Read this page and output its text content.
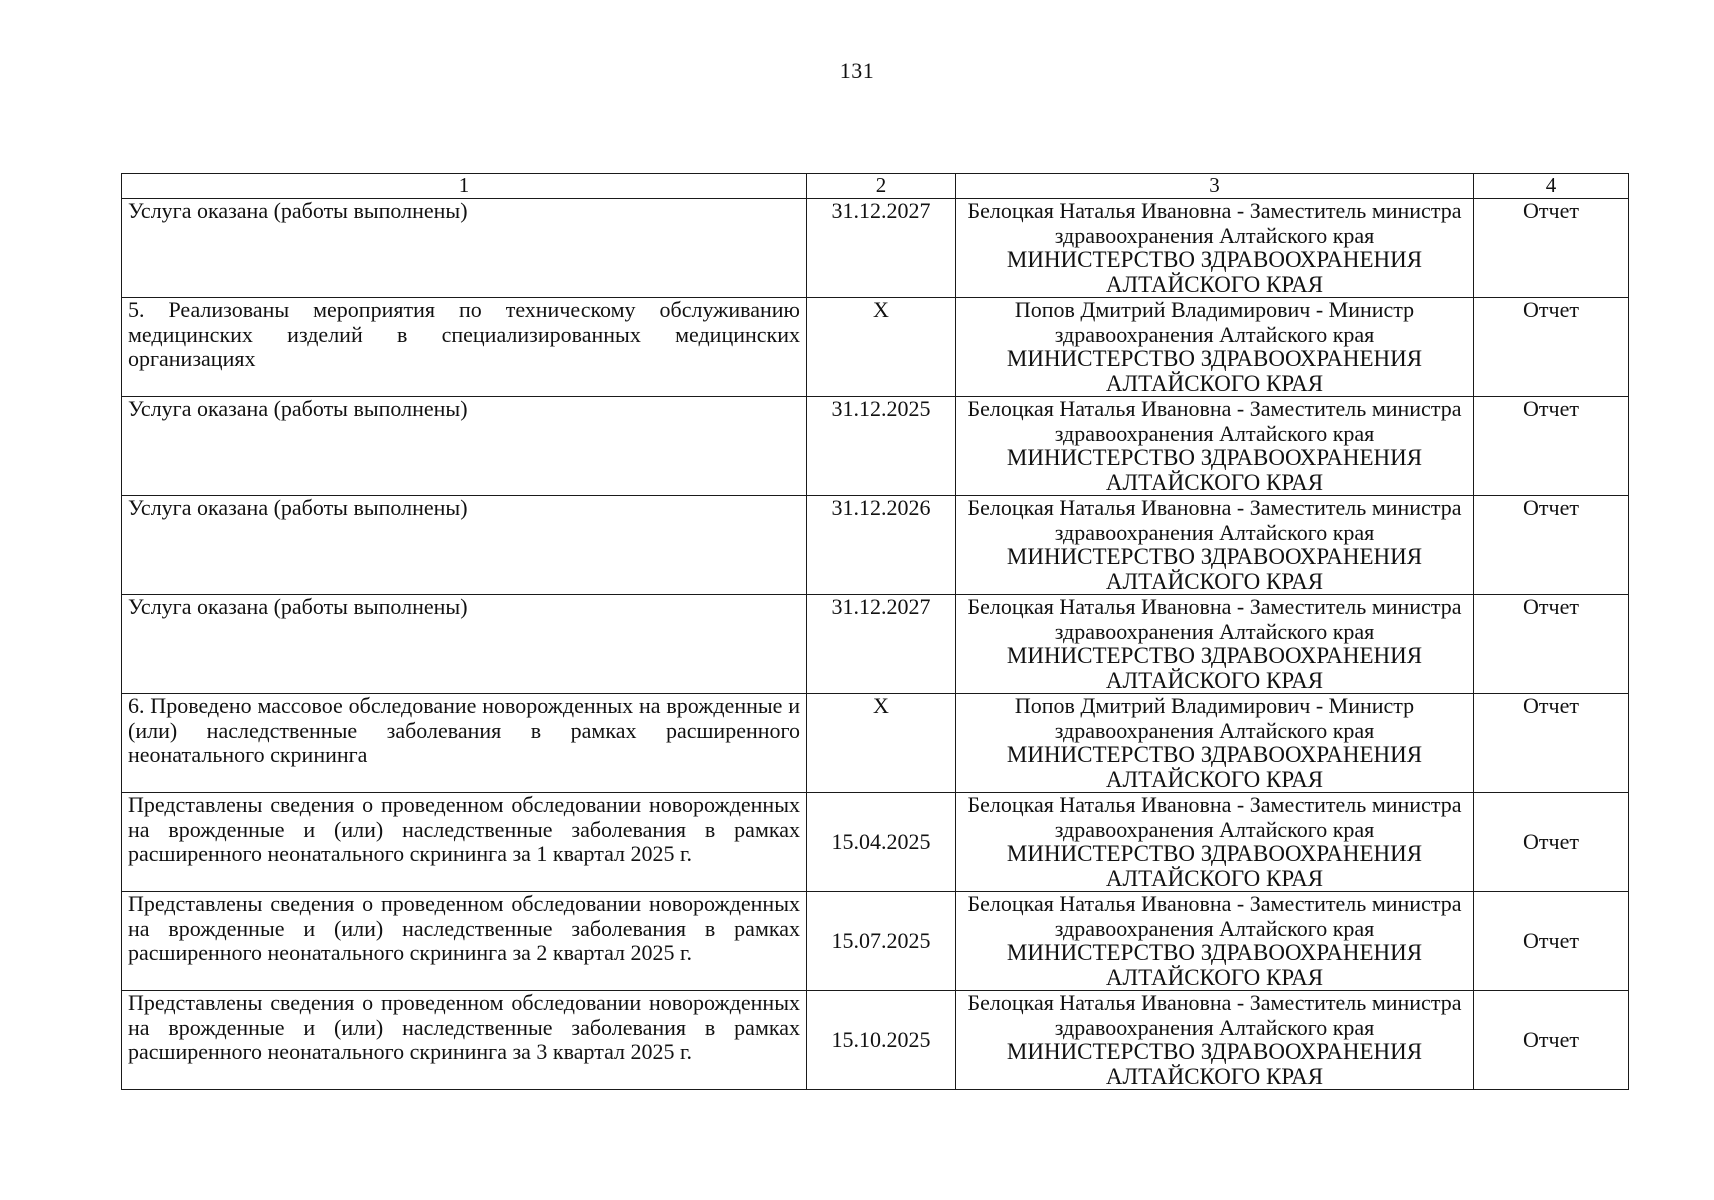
131
1	2	3	4
Услуга оказана (работы выполнены)	31.12.2027	Белоцкая Наталья Ивановна - Заместитель министра здравоохранения Алтайского края
МИНИСТЕРСТВО ЗДРАВООХРАНЕНИЯ АЛТАЙСКОГО КРАЯ	Отчет
5. Реализованы мероприятия по техническому обслуживанию медицинских изделий в специализированных медицинских организациях	X	Попов Дмитрий Владимирович - Министр здравоохранения Алтайского края
МИНИСТЕРСТВО ЗДРАВООХРАНЕНИЯ АЛТАЙСКОГО КРАЯ	Отчет
Услуга оказана (работы выполнены)	31.12.2025	Белоцкая Наталья Ивановна - Заместитель министра здравоохранения Алтайского края
МИНИСТЕРСТВО ЗДРАВООХРАНЕНИЯ АЛТАЙСКОГО КРАЯ	Отчет
Услуга оказана (работы выполнены)	31.12.2026	Белоцкая Наталья Ивановна - Заместитель министра здравоохранения Алтайского края
МИНИСТЕРСТВО ЗДРАВООХРАНЕНИЯ АЛТАЙСКОГО КРАЯ	Отчет
Услуга оказана (работы выполнены)	31.12.2027	Белоцкая Наталья Ивановна - Заместитель министра здравоохранения Алтайского края
МИНИСТЕРСТВО ЗДРАВООХРАНЕНИЯ АЛТАЙСКОГО КРАЯ	Отчет
6. Проведено массовое обследование новорожденных на врожденные и (или) наследственные заболевания в рамках расширенного неонатального скрининга	X	Попов Дмитрий Владимирович - Министр здравоохранения Алтайского края
МИНИСТЕРСТВО ЗДРАВООХРАНЕНИЯ АЛТАЙСКОГО КРАЯ	Отчет
Представлены сведения о проведенном обследовании новорожденных на врожденные и (или) наследственные заболевания в рамках расширенного неонатального скрининга за 1 квартал 2025 г.	15.04.2025	Белоцкая Наталья Ивановна - Заместитель министра здравоохранения Алтайского края
МИНИСТЕРСТВО ЗДРАВООХРАНЕНИЯ АЛТАЙСКОГО КРАЯ	Отчет
Представлены сведения о проведенном обследовании новорожденных на врожденные и (или) наследственные заболевания в рамках расширенного неонатального скрининга за 2 квартал 2025 г.	15.07.2025	Белоцкая Наталья Ивановна - Заместитель министра здравоохранения Алтайского края
МИНИСТЕРСТВО ЗДРАВООХРАНЕНИЯ АЛТАЙСКОГО КРАЯ	Отчет
Представлены сведения о проведенном обследовании новорожденных на врожденные и (или) наследственные заболевания в рамках расширенного неонатального скрининга за 3 квартал 2025 г.	15.10.2025	Белоцкая Наталья Ивановна - Заместитель министра здравоохранения Алтайского края
МИНИСТЕРСТВО ЗДРАВООХРАНЕНИЯ АЛТАЙСКОГО КРАЯ	Отчет
